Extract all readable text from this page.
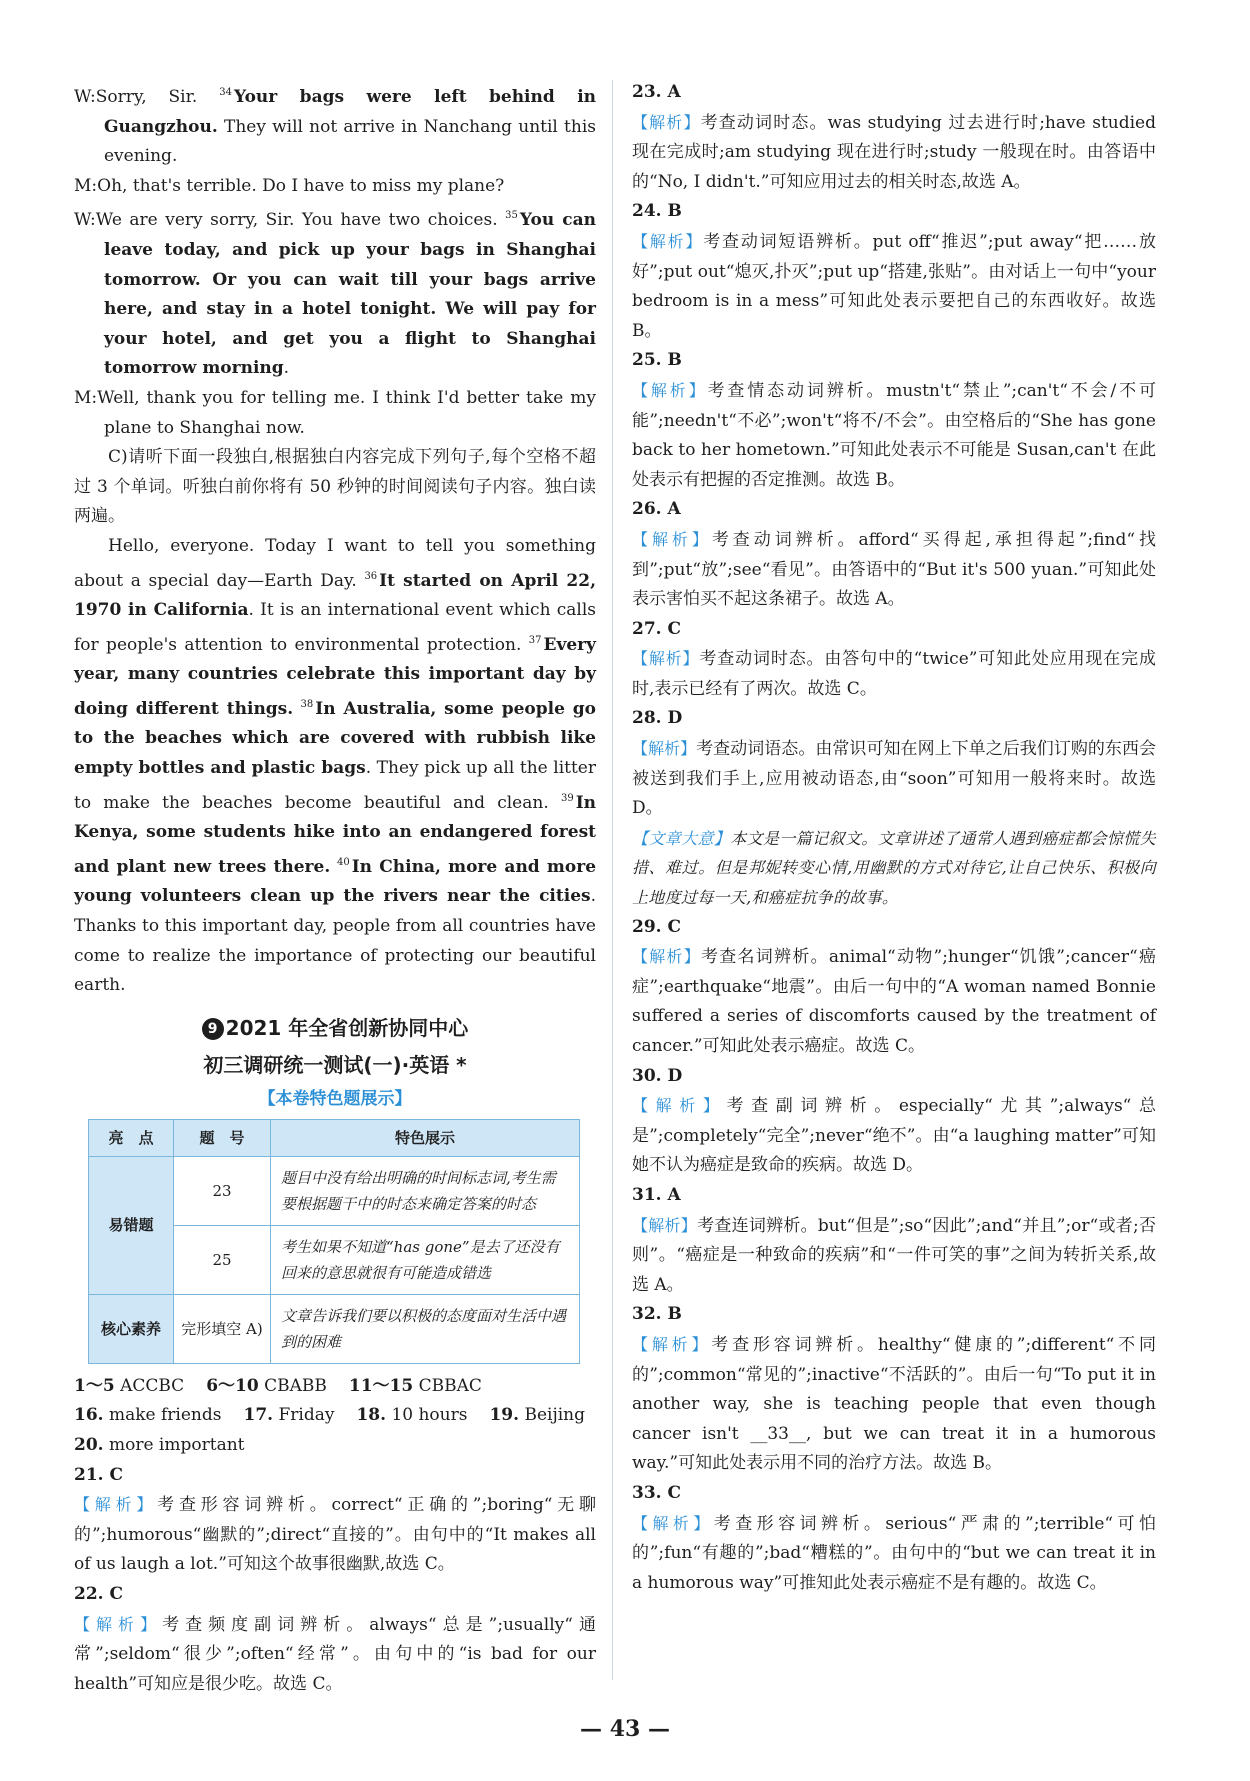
W:Sorry, Sir. $^{34}$ Your bags were left behind in Guangzhou. They will not arrive in Nanchang until this evening.

M:Oh, that's terrible. Do I have to miss my plane?

W:We are very sorry, Sir. You have two choices. $^{35}$ You can leave today, and pick up your bags in Shanghai tomorrow. Or you can wait till your bags arrive here, and stay in a hotel tonight. We will pay for your hotel, and get you a flight to Shanghai tomorrow morning.

M:Well, thank you for telling me. I think I'd better take my plane to Shanghai now.

C)请听下面一段独白,根据独白内容完成下列句子,每个空格不超过 3 个单词。听独白前你将有 50 秒钟的时间阅读句子内容。独白读两遍。

Hello, everyone. Today I want to tell you something about a special day—Earth Day. $^{36}$ It started on April 22, 1970 in California. It is an international event which calls for people's attention to environmental protection. $^{37}$ Every year, many countries celebrate this important day by doing different things. $^{38}$ In Australia, some people go to the beaches which are covered with rubbish like empty bottles and plastic bags. They pick up all the litter to make the beaches become beautiful and clean. $^{39}$ In Kenya, some students hike into an endangered forest and plant new trees there. $^{40}$ In China, more and more young volunteers clean up the rivers near the cities. Thanks to this important day, people from all countries have come to realize the importance of protecting our beautiful earth.

9 2021 年全省创新协同中心
初三调研统一测试(一)·英语 *
【本卷特色题展示】
亮　点	题　号	特色展示
易错题	23	题目中没有给出明确的时间标志词,考生需要根据题干中的时态来确定答案的时态
	25	考生如果不知道“has gone”是去了还没有回来的意思就很有可能造成错选
核心素养	完形填空 A)	文章告诉我们要以积极的态度面对生活中遇到的困难
1～5 ACCBC 6～10 CBABB 11～15 CBBAC
16. make friends 17. Friday 18. 10 hours 19. Beijing
20. more important

21. C

【解析】考查形容词辨析。correct“正确的”;boring“无聊的”;humorous“幽默的”;direct“直接的”。由句中的“It makes all of us laugh a lot.”可知这个故事很幽默,故选 C。

22. C

【解析】考查频度副词辨析。always“总是”;usually“通常”;seldom“很少”;often“经常”。由句中的“is bad for our health”可知应是很少吃。故选 C。

23. A

【解析】考查动词时态。was studying 过去进行时;have studied 现在完成时;am studying 现在进行时;study 一般现在时。由答语中的“No, I didn't.”可知应用过去的相关时态,故选 A。

24. B

【解析】考查动词短语辨析。put off“推迟”;put away“把……放好”;put out“熄灭,扑灭”;put up“搭建,张贴”。由对话上一句中“your bedroom is in a mess”可知此处表示要把自己的东西收好。故选 B。

25. B

【解析】考查情态动词辨析。mustn't“禁止”;can't“不会/不可能”;needn't“不必”;won't“将不/不会”。由空格后的“She has gone back to her hometown.”可知此处表示不可能是 Susan,can't 在此处表示有把握的否定推测。故选 B。

26. A

【解析】考查动词辨析。afford“买得起,承担得起”;find“找到”;put“放”;see“看见”。由答语中的“But it's 500 yuan.”可知此处表示害怕买不起这条裙子。故选 A。

27. C

【解析】考查动词时态。由答句中的“twice”可知此处应用现在完成时,表示已经有了两次。故选 C。

28. D

【解析】考查动词语态。由常识可知在网上下单之后我们订购的东西会被送到我们手上,应用被动语态,由“soon”可知用一般将来时。故选 D。

【文章大意】本文是一篇记叙文。文章讲述了通常人遇到癌症都会惊慌失措、难过。但是邦妮转变心情,用幽默的方式对待它,让自己快乐、积极向上地度过每一天,和癌症抗争的故事。

29. C

【解析】考查名词辨析。animal“动物”;hunger“饥饿”;cancer“癌症”;earthquake“地震”。由后一句中的“A woman named Bonnie suffered a series of discomforts caused by the treatment of cancer.”可知此处表示癌症。故选 C。

30. D

【解析】考查副词辨析。especially“尤其”;always“总是”;completely“完全”;never“绝不”。由“a laughing matter”可知她不认为癌症是致命的疾病。故选 D。

31. A

【解析】考查连词辨析。but“但是”;so“因此”;and“并且”;or“或者;否则”。“癌症是一种致命的疾病”和“一件可笑的事”之间为转折关系,故选 A。

32. B

【解析】考查形容词辨析。healthy“健康的”;different“不同的”;common“常见的”;inactive“不活跃的”。由后一句“To put it in another way, she is teaching people that even though cancer isn't __33__, but we can treat it in a humorous way.”可知此处表示用不同的治疗方法。故选 B。

33. C

【解析】考查形容词辨析。serious“严肃的”;terrible“可怕的”;fun“有趣的”;bad“糟糕的”。由句中的“but we can treat it in a humorous way”可推知此处表示癌症不是有趣的。故选 C。

— 43 —
